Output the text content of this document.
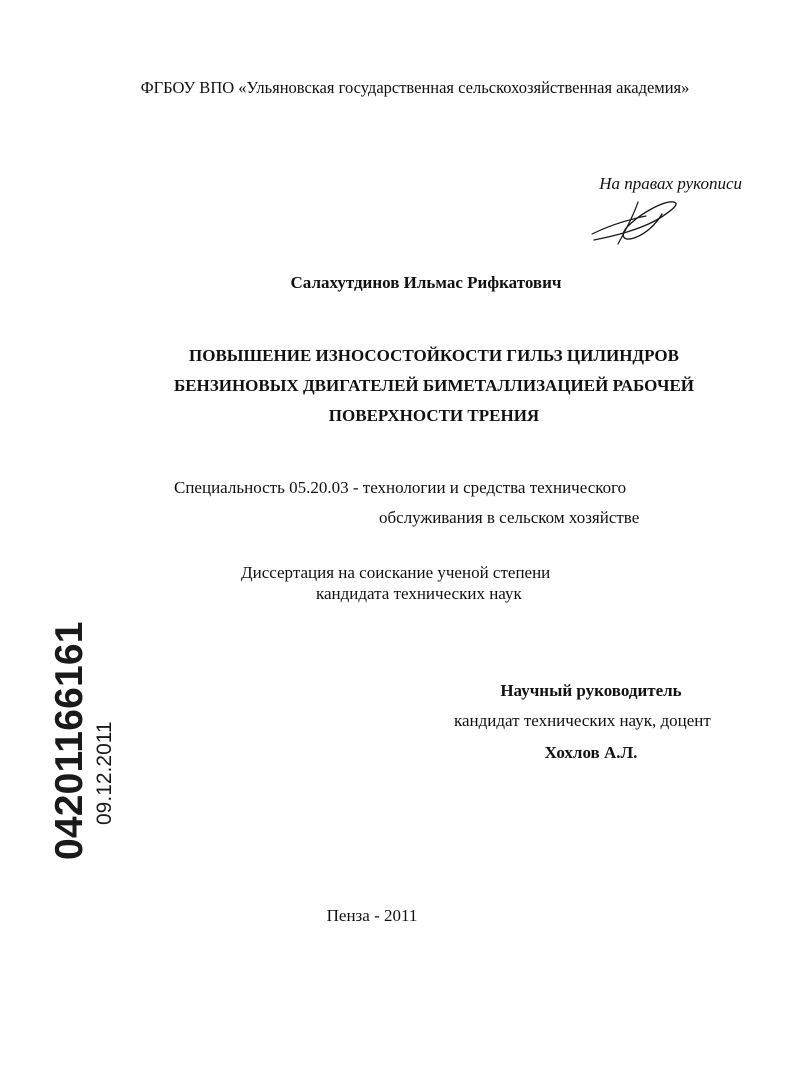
ФГБОУ ВПО «Ульяновская государственная сельскохозяйственная академия»
На правах рукописи
Салахутдинов Ильмас Рифкатович
ПОВЫШЕНИЕ ИЗНОСОСТОЙКОСТИ ГИЛЬЗ ЦИЛИНДРОВ
БЕНЗИНОВЫХ ДВИГАТЕЛЕЙ БИМЕТАЛЛИЗАЦИЕЙ РАБОЧЕЙ
ПОВЕРХНОСТИ ТРЕНИЯ
Специальность 05.20.03 - технологии и средства технического
обслуживания в сельском хозяйстве
Диссертация на соискание ученой степени
кандидата технических наук
Научный руководитель
кандидат технических наук, доцент
Хохлов А.Л.
Пенза - 2011
04201166161 09.12.2011
